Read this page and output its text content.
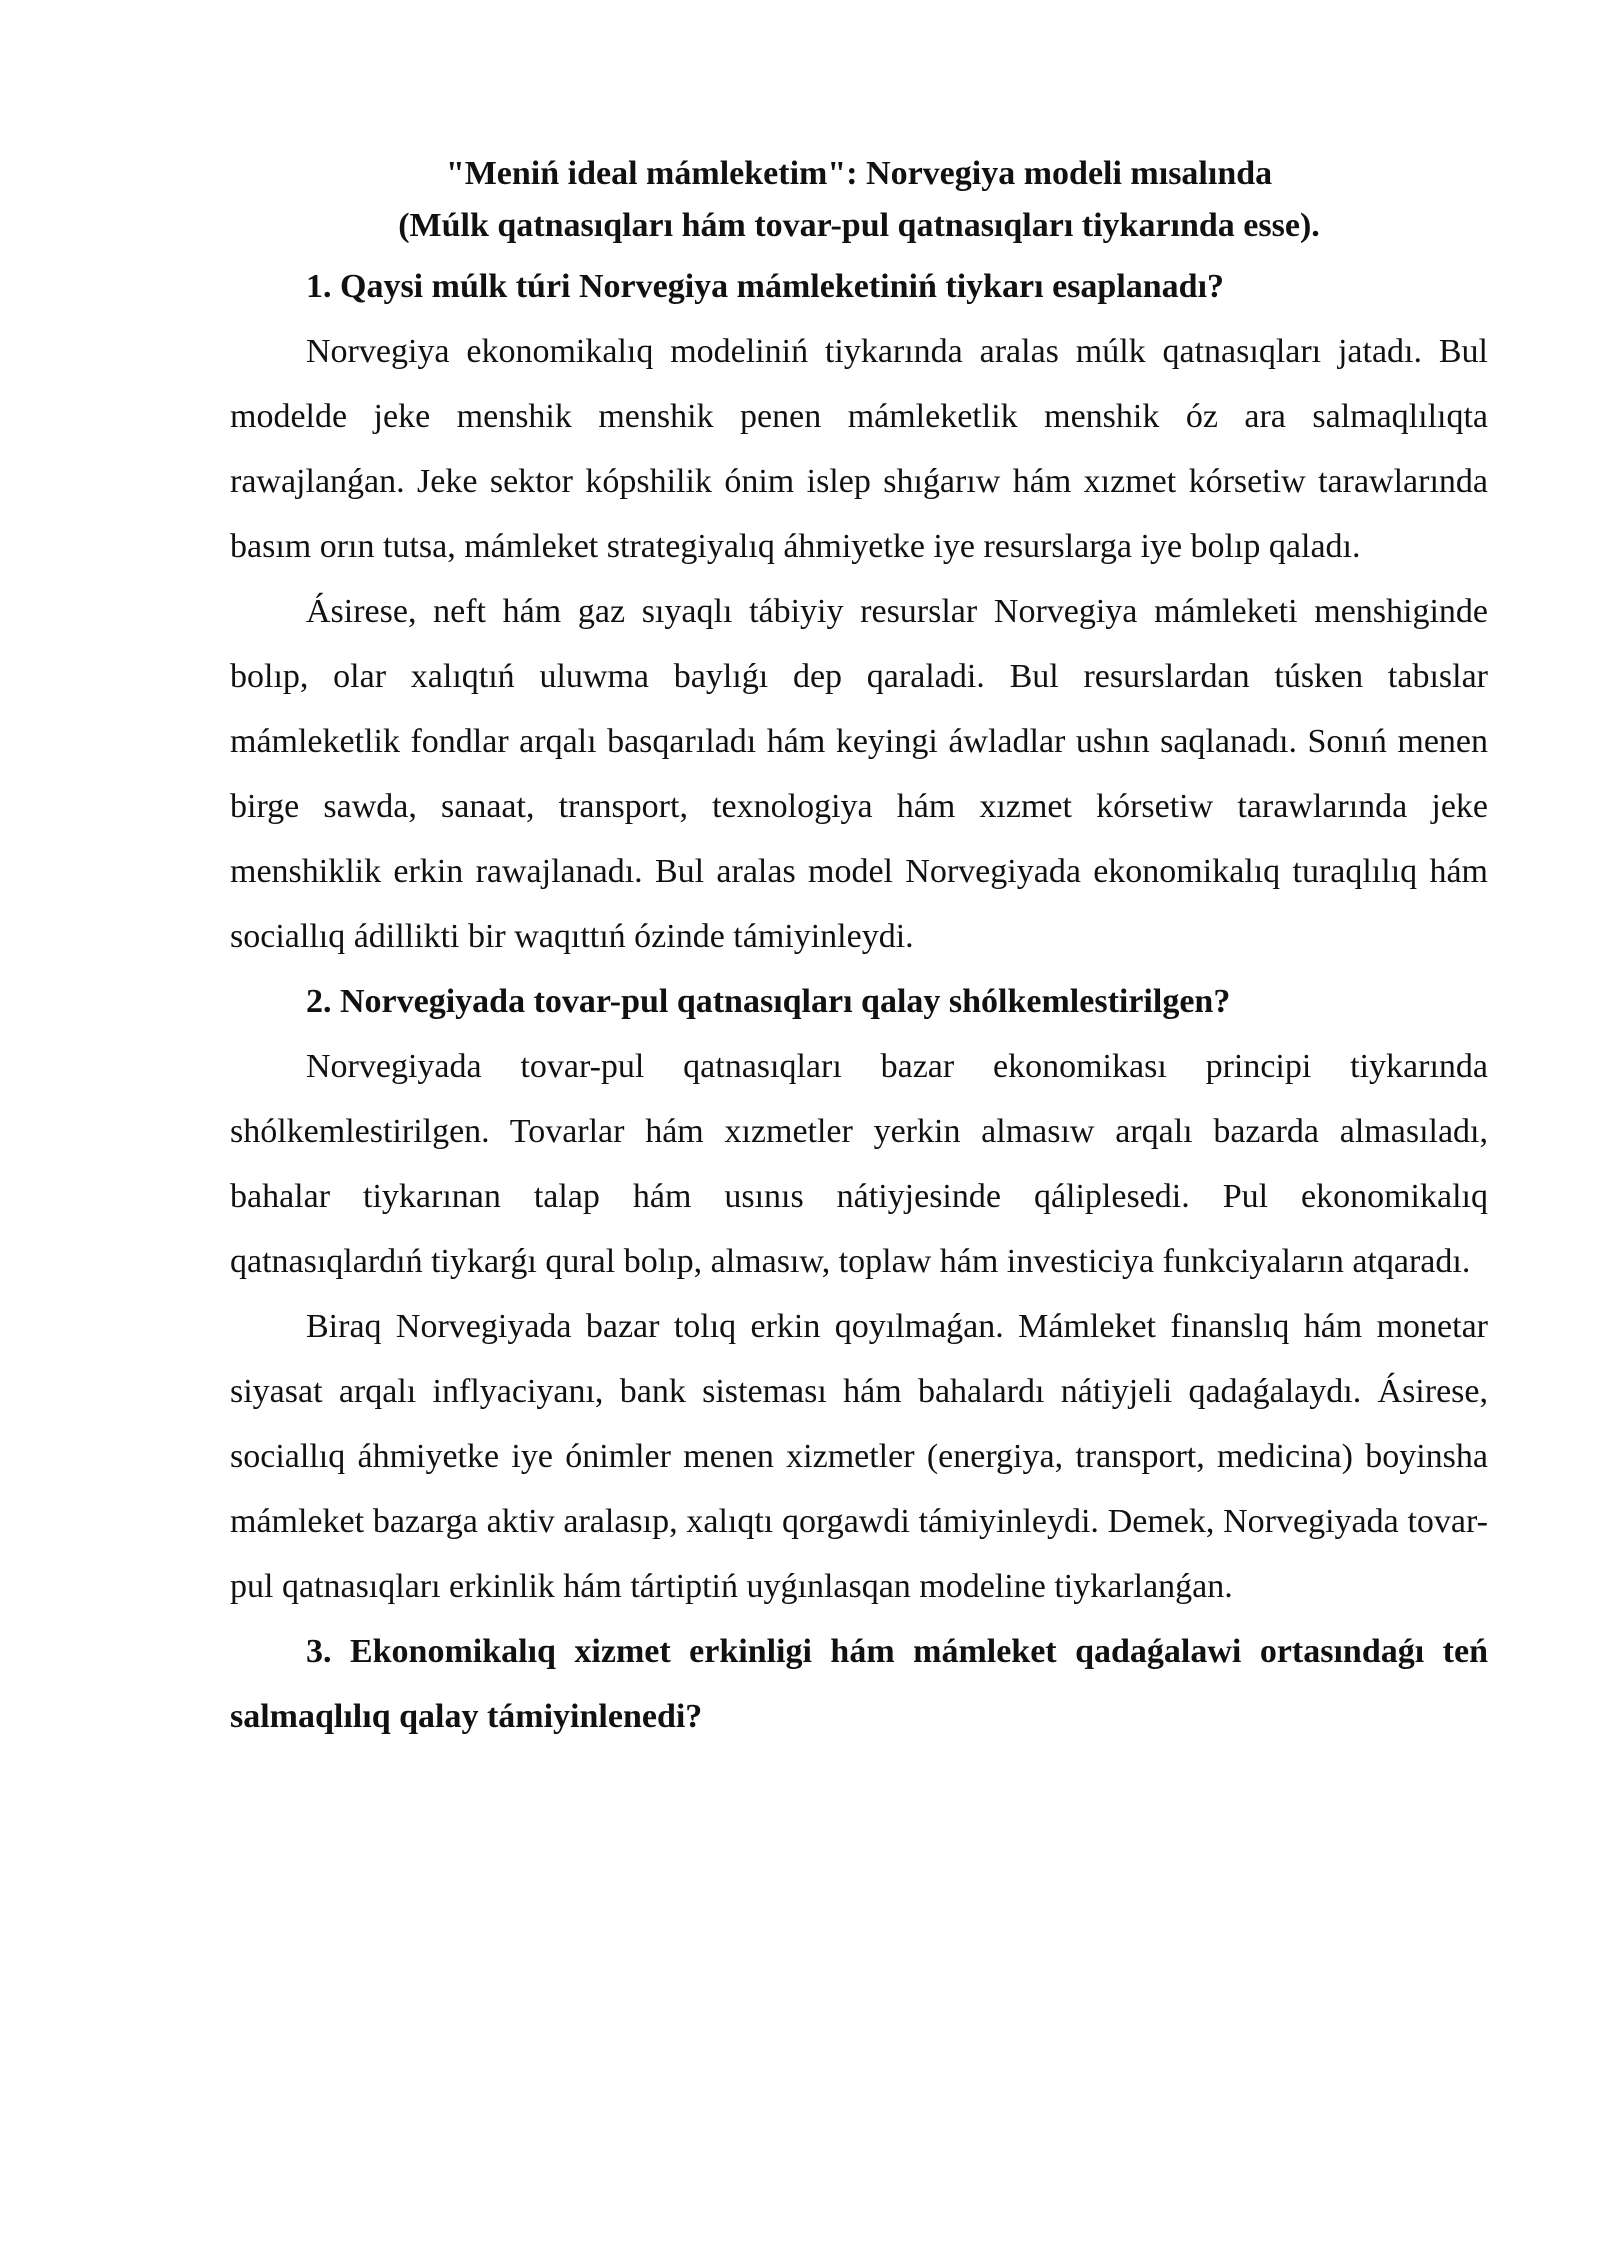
"Meniń ideal mámleketim": Norvegiya modeli mısalında

(Múlk qatnasıqları hám tovar-pul qatnasıqları tiykarında esse).

1. Qaysi múlk túri Norvegiya mámleketiniń tiykarı esaplanadı?

Norvegiya ekonomikalıq modeliniń tiykarında aralas múlk qatnasıqları jatadı. Bul modelde jeke menshik menshik penen mámleketlik menshik óz ara salmaqlılıqta rawajlanǵan. Jeke sektor kópshilik ónim islep shıǵarıw hám xızmet kórsetiw tarawlarında basım orın tutsa, mámleket strategiyalıq áhmiyetke iye resurslarga iye bolıp qaladı.

Ásirese, neft hám gaz sıyaqlı tábiyiy resurslar Norvegiya mámleketi menshiginde bolıp, olar xalıqtıń uluwma baylıǵı dep qaraladi. Bul resurslardan túsken tabıslar mámleketlik fondlar arqalı basqarıladı hám keyingi áwladlar ushın saqlanadı. Sonıń menen birge sawda, sanaat, transport, texnologiya hám xızmet kórsetiw tarawlarında jeke menshiklik erkin rawajlanadı. Bul aralas model Norvegiyada ekonomikalıq turaqlılıq hám sociallıq ádillikti bir waqıttıń ózinde támiyinleydi.

2. Norvegiyada tovar-pul qatnasıqları qalay shólkemlestirilgen?

Norvegiyada tovar-pul qatnasıqları bazar ekonomikası principi tiykarında shólkemlestirilgen. Tovarlar hám xızmetler yerkin almasıw arqalı bazarda almasıladı, bahalar tiykarınan talap hám usınıs nátiyjesinde qáliplesedi. Pul ekonomikalıq qatnasıqlardıń tiykarǵı qural bolıp, almasıw, toplaw hám investiciya funkciyaların atqaradı.

Biraq Norvegiyada bazar tolıq erkin qoyılmaǵan. Mámleket finanslıq hám monetar siyasat arqalı inflyaciyanı, bank sisteması hám bahalardı nátiyjeli qadaǵalaydı. Ásirese, sociallıq áhmiyetke iye ónimler menen xizmetler (energiya, transport, medicina) boyinsha mámleket bazarga aktiv aralasıp, xalıqtı qorgawdi támiyinleydi. Demek, Norvegiyada tovar-pul qatnasıqları erkinlik hám tártiptiń uyǵınlasqan modeline tiykarlanǵan.

3. Ekonomikalıq xizmet erkinligi hám mámleket qadaǵalawi ortasındaǵı teń salmaqlılıq qalay támiyinlenedi?
